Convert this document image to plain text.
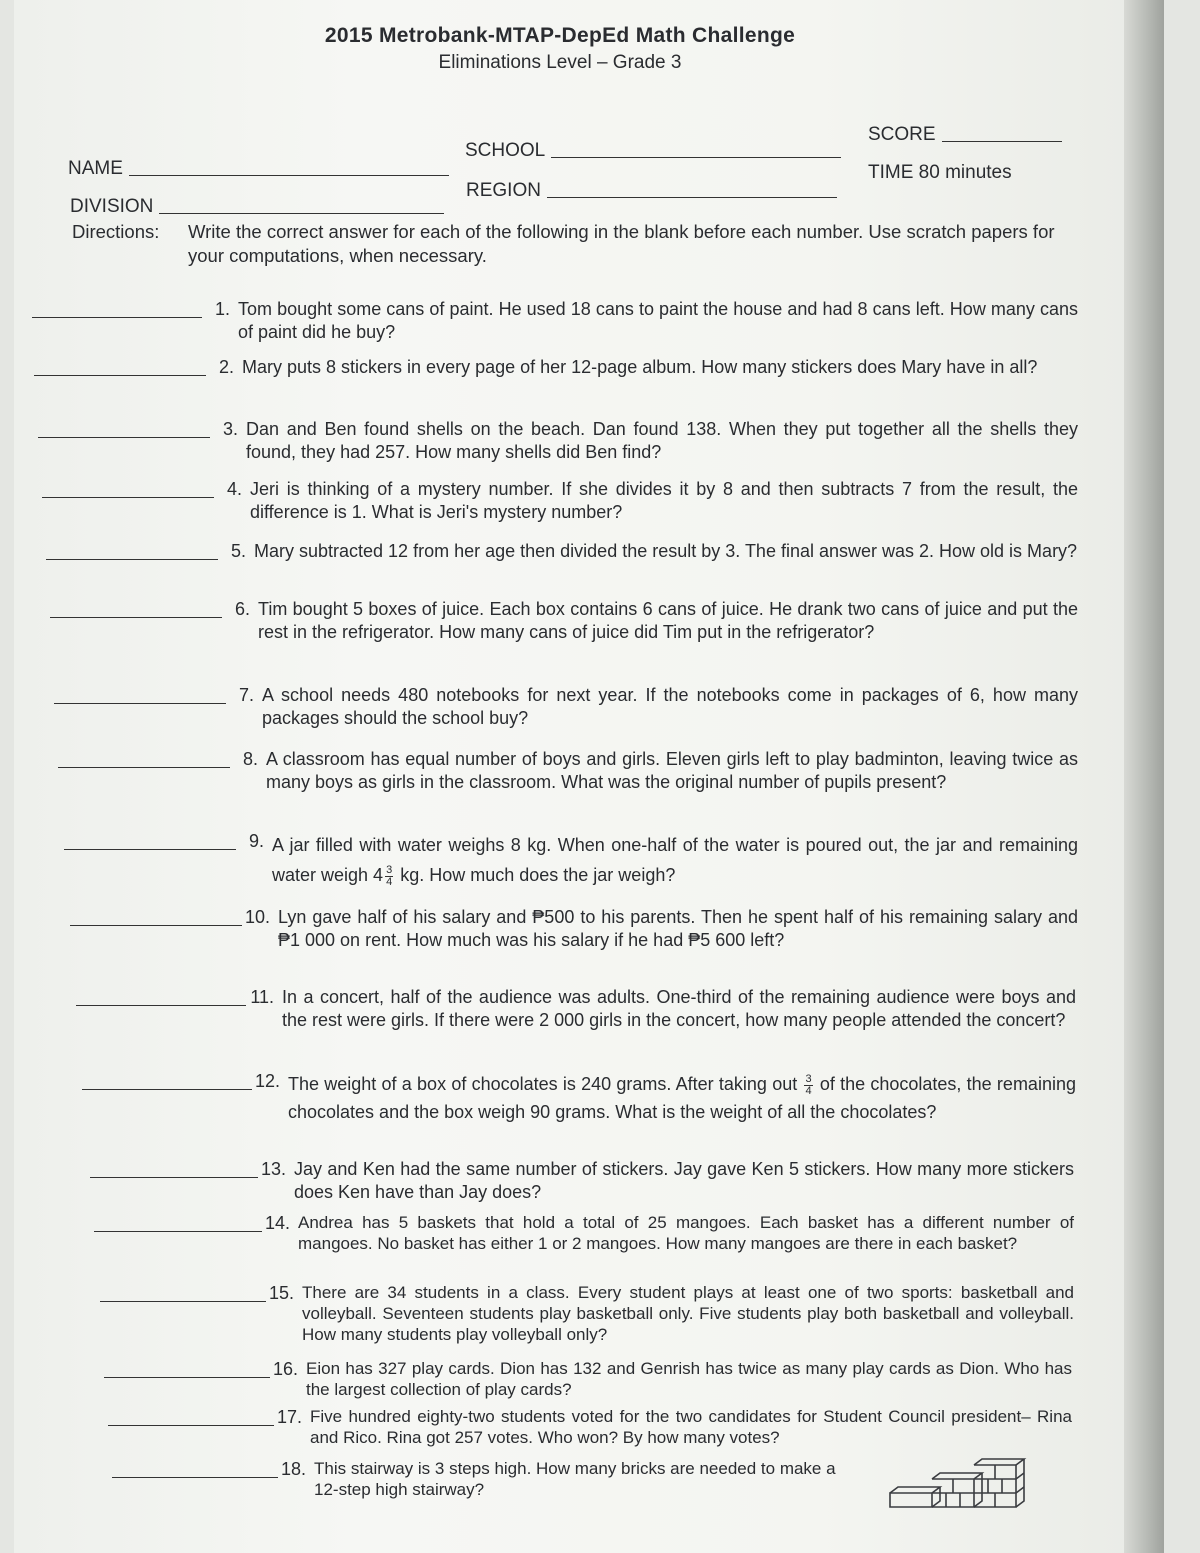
2015 Metrobank-MTAP-DepEd Math Challenge
Eliminations Level – Grade 3
NAME
SCHOOL
SCORE
DIVISION
REGION
TIME 80 minutes
Directions:	Write the correct answer for each of the following in the blank before each number. Use scratch papers for your computations, when necessary.
1. Tom bought some cans of paint. He used 18 cans to paint the house and had 8 cans left. How many cans of paint did he buy?
2. Mary puts 8 stickers in every page of her 12-page album. How many stickers does Mary have in all?
3. Dan and Ben found shells on the beach. Dan found 138. When they put together all the shells they found, they had 257. How many shells did Ben find?
4. Jeri is thinking of a mystery number. If she divides it by 8 and then subtracts 7 from the result, the difference is 1. What is Jeri's mystery number?
5. Mary subtracted 12 from her age then divided the result by 3. The final answer was 2. How old is Mary?
6. Tim bought 5 boxes of juice. Each box contains 6 cans of juice. He drank two cans of juice and put the rest in the refrigerator. How many cans of juice did Tim put in the refrigerator?
7. A school needs 480 notebooks for next year. If the notebooks come in packages of 6, how many packages should the school buy?
8. A classroom has equal number of boys and girls. Eleven girls left to play badminton, leaving twice as many boys as girls in the classroom. What was the original number of pupils present?
9. A jar filled with water weighs 8 kg. When one-half of the water is poured out, the jar and remaining water weigh $4 \frac{3}{4}$ kg. How much does the jar weigh?
10. Lyn gave half of his salary and ₱500 to his parents. Then he spent half of his remaining salary and ₱1 000 on rent. How much was his salary if he had ₱5 600 left?
11. In a concert, half of the audience was adults. One-third of the remaining audience were boys and the rest were girls. If there were 2 000 girls in the concert, how many people attended the concert?
12. The weight of a box of chocolates is 240 grams. After taking out $\frac{3}{4}$ of the chocolates, the remaining chocolates and the box weigh 90 grams. What is the weight of all the chocolates?
13. Jay and Ken had the same number of stickers. Jay gave Ken 5 stickers. How many more stickers does Ken have than Jay does?
14. Andrea has 5 baskets that hold a total of 25 mangoes. Each basket has a different number of mangoes. No basket has either 1 or 2 mangoes. How many mangoes are there in each basket?
15. There are 34 students in a class. Every student plays at least one of two sports: basketball and volleyball. Seventeen students play basketball only. Five students play both basketball and volleyball. How many students play volleyball only?
16. Eion has 327 play cards. Dion has 132 and Genrish has twice as many play cards as Dion. Who has the largest collection of play cards?
17. Five hundred eighty-two students voted for the two candidates for Student Council president– Rina and Rico. Rina got 257 votes. Who won? By how many votes?
18. This stairway is 3 steps high. How many bricks are needed to make a 12-step high stairway?
